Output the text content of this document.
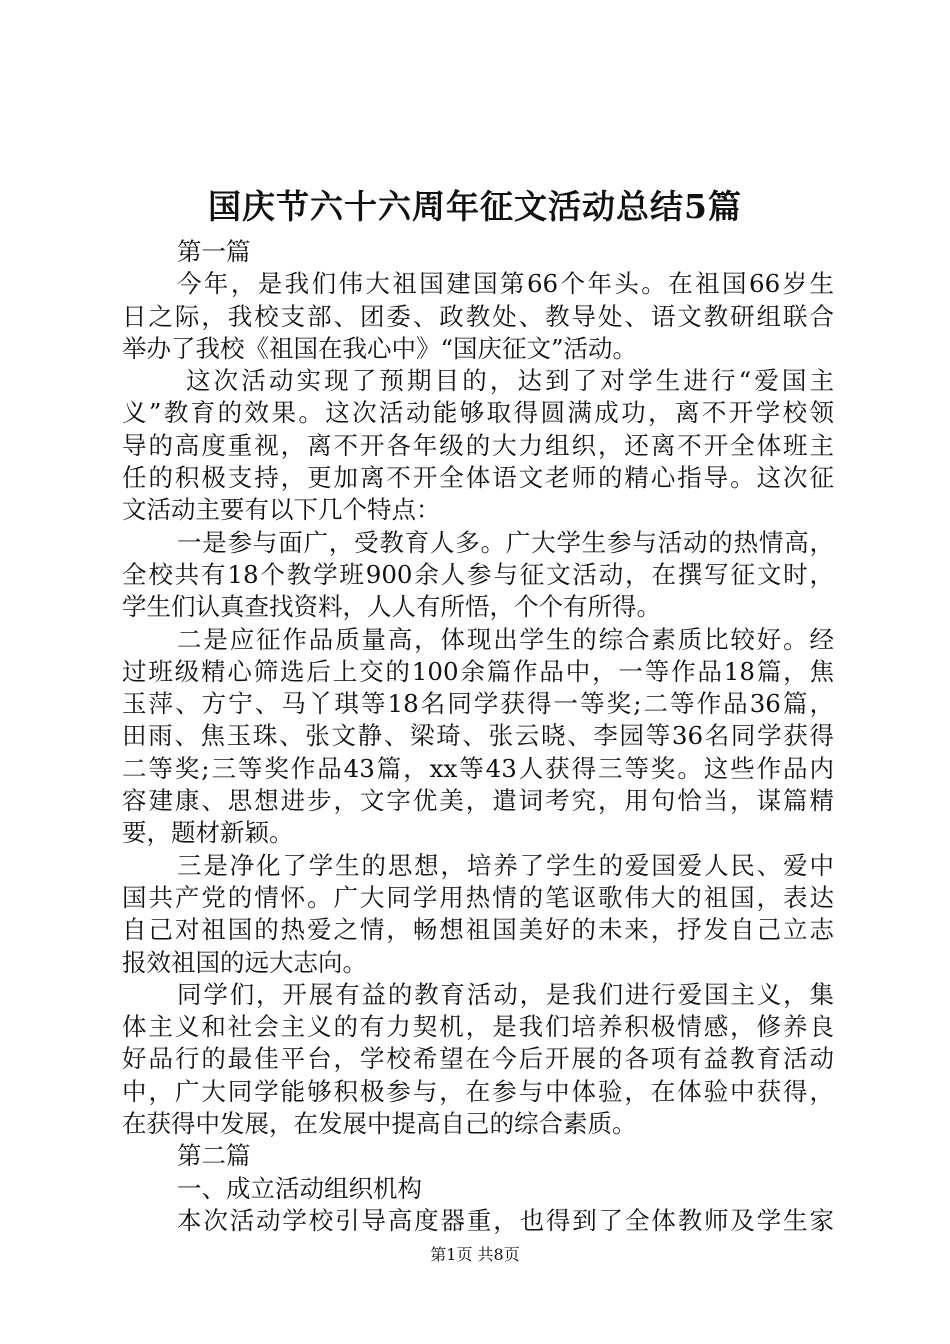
国庆节六十六周年征文活动总结5篇
第一篇
今年，是我们伟大祖国建国第66个年头。在祖国66岁生
日之际，我校支部、团委、政教处、教导处、语文教研组联合
举办了我校《祖国在我心中》“国庆征文”活动。
这次活动实现了预期目的，达到了对学生进行“爱国主
义”教育的效果。这次活动能够取得圆满成功，离不开学校领
导的高度重视，离不开各年级的大力组织，还离不开全体班主
任的积极支持，更加离不开全体语文老师的精心指导。这次征
文活动主要有以下几个特点：
一是参与面广，受教育人多。广大学生参与活动的热情高，
全校共有18个教学班900余人参与征文活动，在撰写征文时，
学生们认真查找资料，人人有所悟，个个有所得。
二是应征作品质量高，体现出学生的综合素质比较好。经
过班级精心筛选后上交的100余篇作品中，一等作品18篇，焦
玉萍、方宁、马丫琪等18名同学获得一等奖;二等作品36篇，
田雨、焦玉珠、张文静、梁琦、张云晓、李园等36名同学获得
二等奖;三等奖作品43篇，xx等43人获得三等奖。这些作品内
容建康、思想进步，文字优美，遣词考究，用句恰当，谋篇精
要，题材新颖。
三是净化了学生的思想，培养了学生的爱国爱人民、爱中
国共产党的情怀。广大同学用热情的笔讴歌伟大的祖国，表达
自己对祖国的热爱之情，畅想祖国美好的未来，抒发自己立志
报效祖国的远大志向。
同学们，开展有益的教育活动，是我们进行爱国主义，集
体主义和社会主义的有力契机，是我们培养积极情感，修养良
好品行的最佳平台，学校希望在今后开展的各项有益教育活动
中，广大同学能够积极参与，在参与中体验，在体验中获得，
在获得中发展，在发展中提高自己的综合素质。
第二篇
一、成立活动组织机构
本次活动学校引导高度器重，也得到了全体教师及学生家
第1页 共8页
